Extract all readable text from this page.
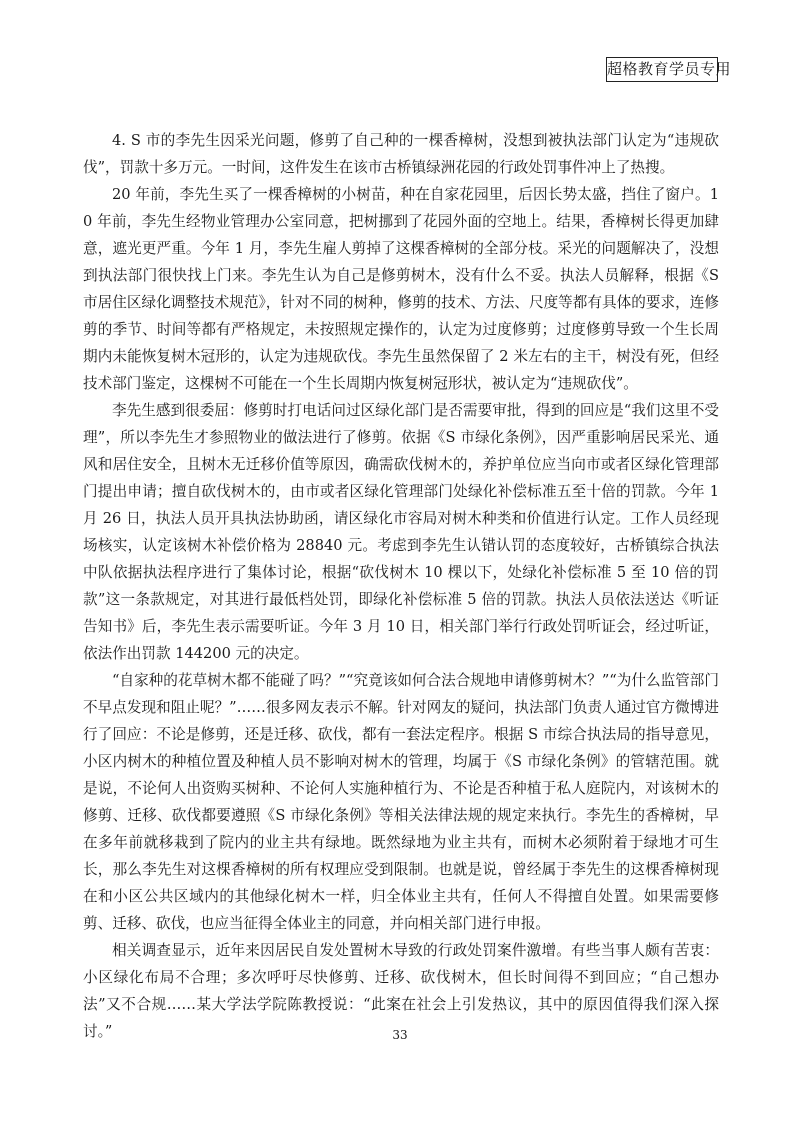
超格教育学员专用

4. S 市的李先生因采光问题，修剪了自己种的一棵香樟树，没想到被执法部门认定为“违规砍伐”，罚款十多万元。一时间，这件发生在该市古桥镇绿洲花园的行政处罚事件冲上了热搜。

20 年前，李先生买了一棵香樟树的小树苗，种在自家花园里，后因长势太盛，挡住了窗户。10 年前，李先生经物业管理办公室同意，把树挪到了花园外面的空地上。结果，香樟树长得更加肆意，遮光更严重。今年 1 月，李先生雇人剪掉了这棵香樟树的全部分枝。采光的问题解决了，没想到执法部门很快找上门来。李先生认为自己是修剪树木，没有什么不妥。执法人员解释，根据《S 市居住区绿化调整技术规范》，针对不同的树种，修剪的技术、方法、尺度等都有具体的要求，连修剪的季节、时间等都有严格规定，未按照规定操作的，认定为过度修剪；过度修剪导致一个生长周期内未能恢复树木冠形的，认定为违规砍伐。李先生虽然保留了 2 米左右的主干，树没有死，但经技术部门鉴定，这棵树不可能在一个生长周期内恢复树冠形状，被认定为“违规砍伐”。

李先生感到很委屈：修剪时打电话问过区绿化部门是否需要审批，得到的回应是“我们这里不受理”，所以李先生才参照物业的做法进行了修剪。依据《S 市绿化条例》，因严重影响居民采光、通风和居住安全，且树木无迁移价值等原因，确需砍伐树木的，养护单位应当向市或者区绿化管理部门提出申请；擅自砍伐树木的，由市或者区绿化管理部门处绿化补偿标准五至十倍的罚款。今年 1 月 26 日，执法人员开具执法协助函，请区绿化市容局对树木种类和价值进行认定。工作人员经现场核实，认定该树木补偿价格为 28840 元。考虑到李先生认错认罚的态度较好，古桥镇综合执法中队依据执法程序进行了集体讨论，根据“砍伐树木 10 棵以下，处绿化补偿标准 5 至 10 倍的罚款”这一条款规定，对其进行最低档处罚，即绿化补偿标准 5 倍的罚款。执法人员依法送达《听证告知书》后，李先生表示需要听证。今年 3 月 10 日，相关部门举行行政处罚听证会，经过听证，依法作出罚款 144200 元的决定。

“自家种的花草树木都不能碰了吗？”“究竟该如何合法合规地申请修剪树木？”“为什么监管部门不早点发现和阻止呢？”……很多网友表示不解。针对网友的疑问，执法部门负责人通过官方微博进行了回应：不论是修剪，还是迁移、砍伐，都有一套法定程序。根据 S 市综合执法局的指导意见，小区内树木的种植位置及种植人员不影响对树木的管理，均属于《S 市绿化条例》的管辖范围。就是说，不论何人出资购买树种、不论何人实施种植行为、不论是否种植于私人庭院内，对该树木的修剪、迁移、砍伐都要遵照《S 市绿化条例》等相关法律法规的规定来执行。李先生的香樟树，早在多年前就移栽到了院内的业主共有绿地。既然绿地为业主共有，而树木必须附着于绿地才可生长，那么李先生对这棵香樟树的所有权理应受到限制。也就是说，曾经属于李先生的这棵香樟树现在和小区公共区域内的其他绿化树木一样，归全体业主共有，任何人不得擅自处置。如果需要修剪、迁移、砍伐，也应当征得全体业主的同意，并向相关部门进行申报。

相关调查显示，近年来因居民自发处置树木导致的行政处罚案件激增。有些当事人颇有苦衷：小区绿化布局不合理；多次呼吁尽快修剪、迁移、砍伐树木，但长时间得不到回应；“自己想办法”又不合规……某大学法学院陈教授说：“此案在社会上引发热议，其中的原因值得我们深入探讨。”	33
